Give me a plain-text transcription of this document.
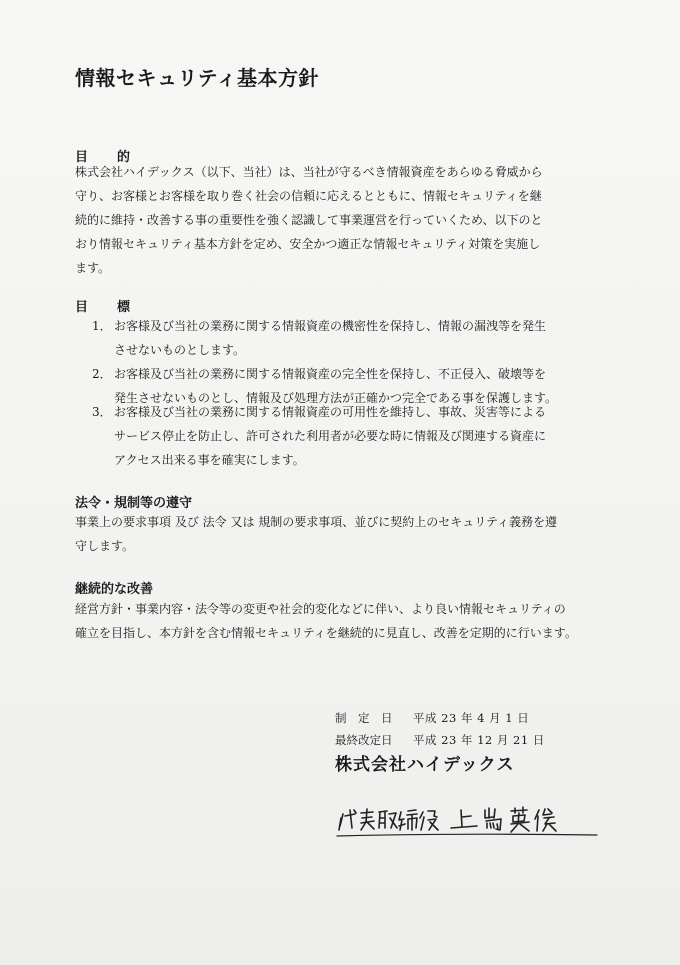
情報セキュリティ基本方針
目　的
株式会社ハイデックス（以下、当社）は、当社が守るべき情報資産をあらゆる脅威から
守り、お客様とお客様を取り巻く社会の信頼に応えるとともに、情報セキュリティを継
続的に維持・改善する事の重要性を強く認識して事業運営を行っていくため、以下のと
おり情報セキュリティ基本方針を定め、安全かつ適正な情報セキュリティ対策を実施し
ます。
目　標
1． お客様及び当社の業務に関する情報資産の機密性を保持し、情報の漏洩等を発生
させないものとします。
2． お客様及び当社の業務に関する情報資産の完全性を保持し、不正侵入、破壊等を
発生させないものとし、情報及び処理方法が正確かつ完全である事を保護します。
3． お客様及び当社の業務に関する情報資産の可用性を維持し、事故、災害等による
サービス停止を防止し、許可された利用者が必要な時に情報及び関連する資産に
アクセス出来る事を確実にします。
法令・規制等の遵守
事業上の要求事項 及び 法令 又は 規制の要求事項、並びに契約上のセキュリティ義務を遵
守します。
継続的な改善
経営方針・事業内容・法令等の変更や社会的変化などに伴い、より良い情報セキュリティの
確立を目指し、本方針を含む情報セキュリティを継続的に見直し、改善を定期的に行います。
制　定　日 平成 23 年 4 月 1 日
最終改定日 平成 23 年 12 月 21 日
株式会社ハイデックス
